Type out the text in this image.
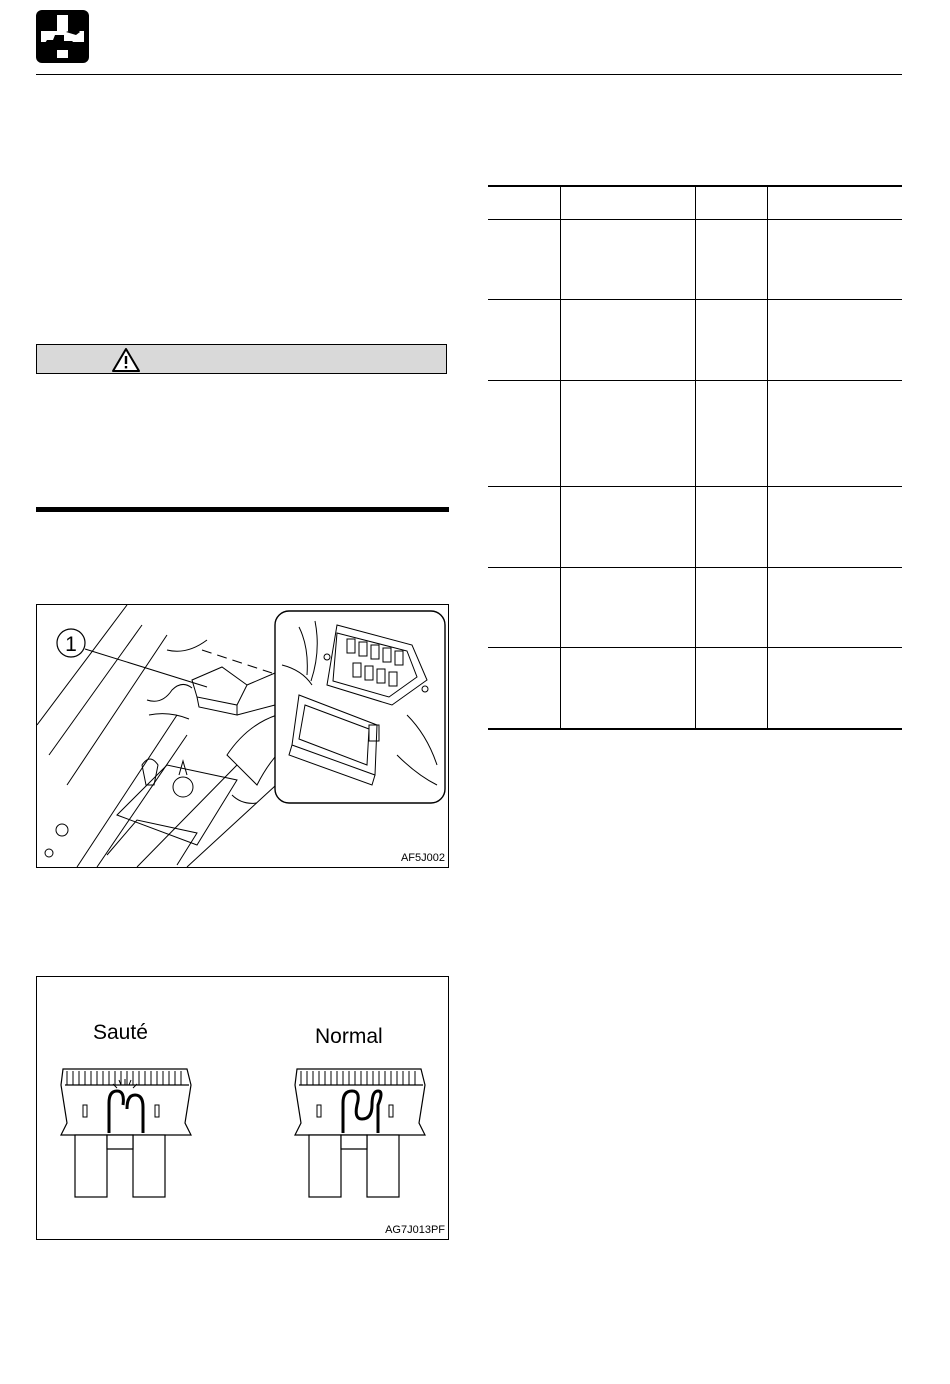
1
AF5J002
Sauté	Normal
AG7J013PF
